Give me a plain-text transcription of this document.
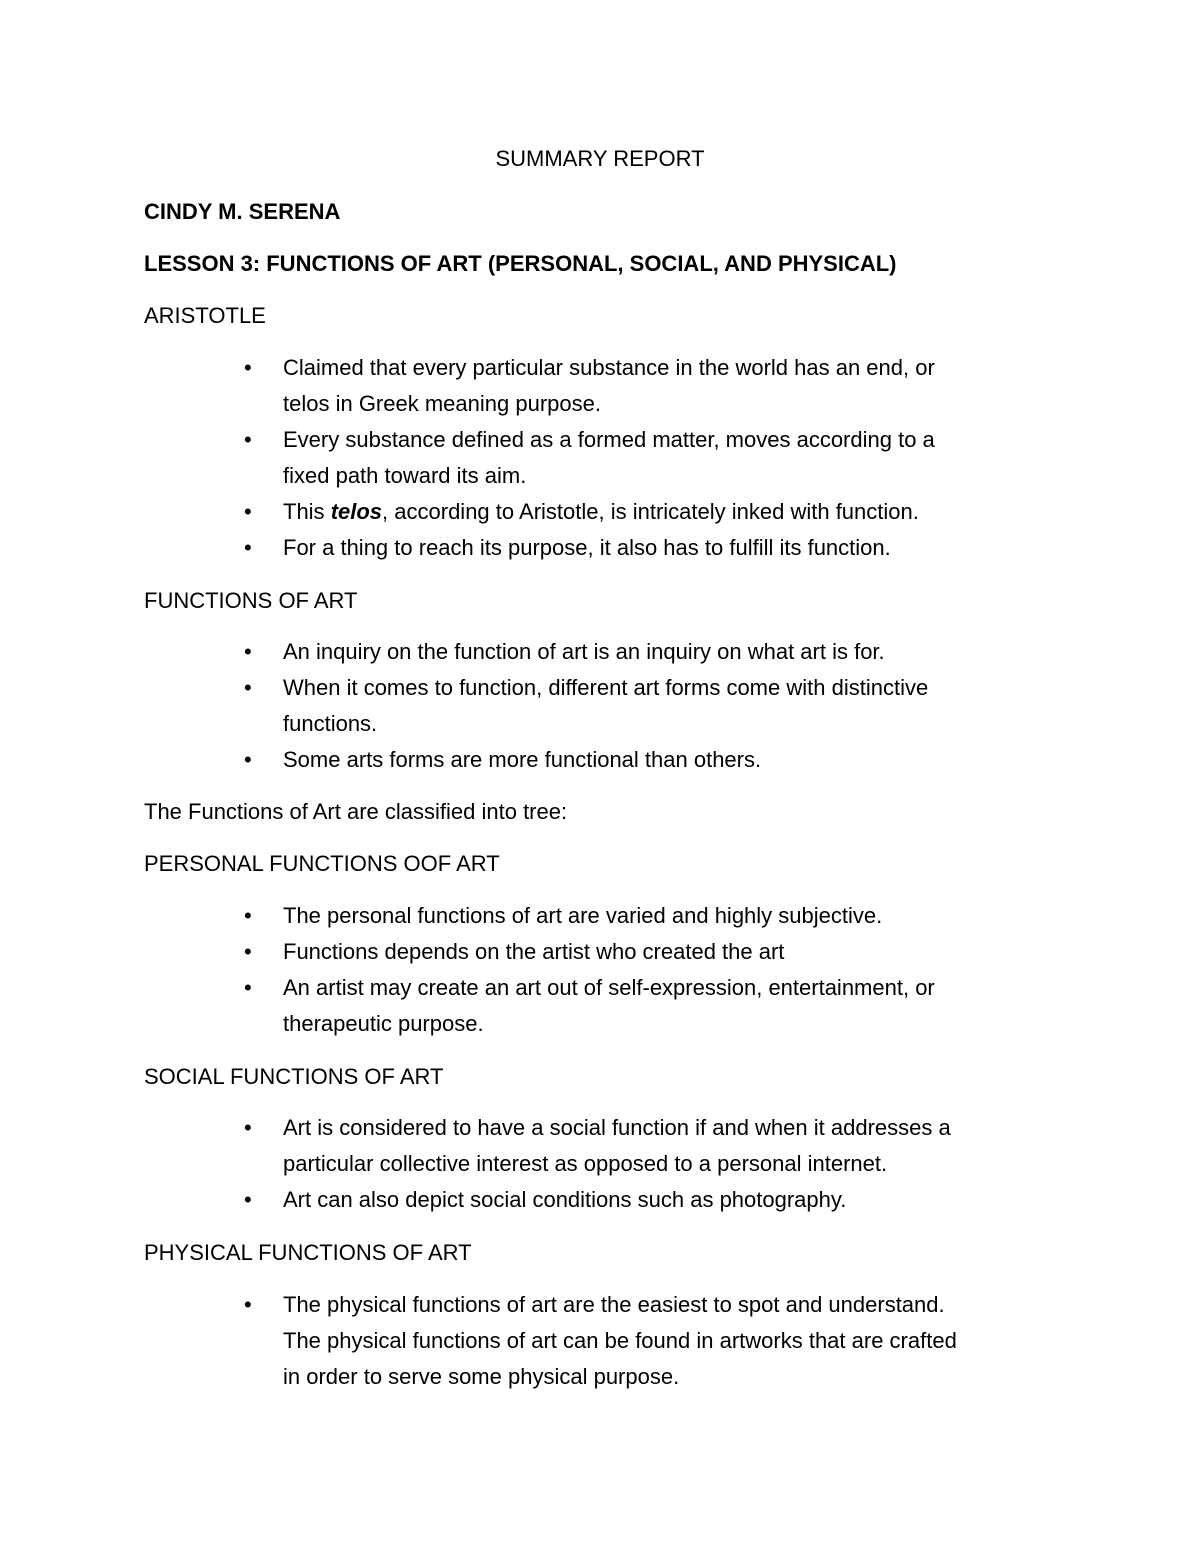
SUMMARY REPORT
CINDY M. SERENA
LESSON 3: FUNCTIONS OF ART (PERSONAL, SOCIAL, AND PHYSICAL)
ARISTOTLE
• Claimed that every particular substance in the world has an end, or
telos in Greek meaning purpose.
• Every substance defined as a formed matter, moves according to a
fixed path toward its aim.
• This telos, according to Aristotle, is intricately inked with function.
• For a thing to reach its purpose, it also has to fulfill its function.
FUNCTIONS OF ART
• An inquiry on the function of art is an inquiry on what art is for.
• When it comes to function, different art forms come with distinctive
functions.
• Some arts forms are more functional than others.
The Functions of Art are classified into tree:
PERSONAL FUNCTIONS OOF ART
• The personal functions of art are varied and highly subjective.
• Functions depends on the artist who created the art
• An artist may create an art out of self-expression, entertainment, or
therapeutic purpose.
SOCIAL FUNCTIONS OF ART
• Art is considered to have a social function if and when it addresses a
particular collective interest as opposed to a personal internet.
• Art can also depict social conditions such as photography.
PHYSICAL FUNCTIONS OF ART
• The physical functions of art are the easiest to spot and understand.
The physical functions of art can be found in artworks that are crafted
in order to serve some physical purpose.
